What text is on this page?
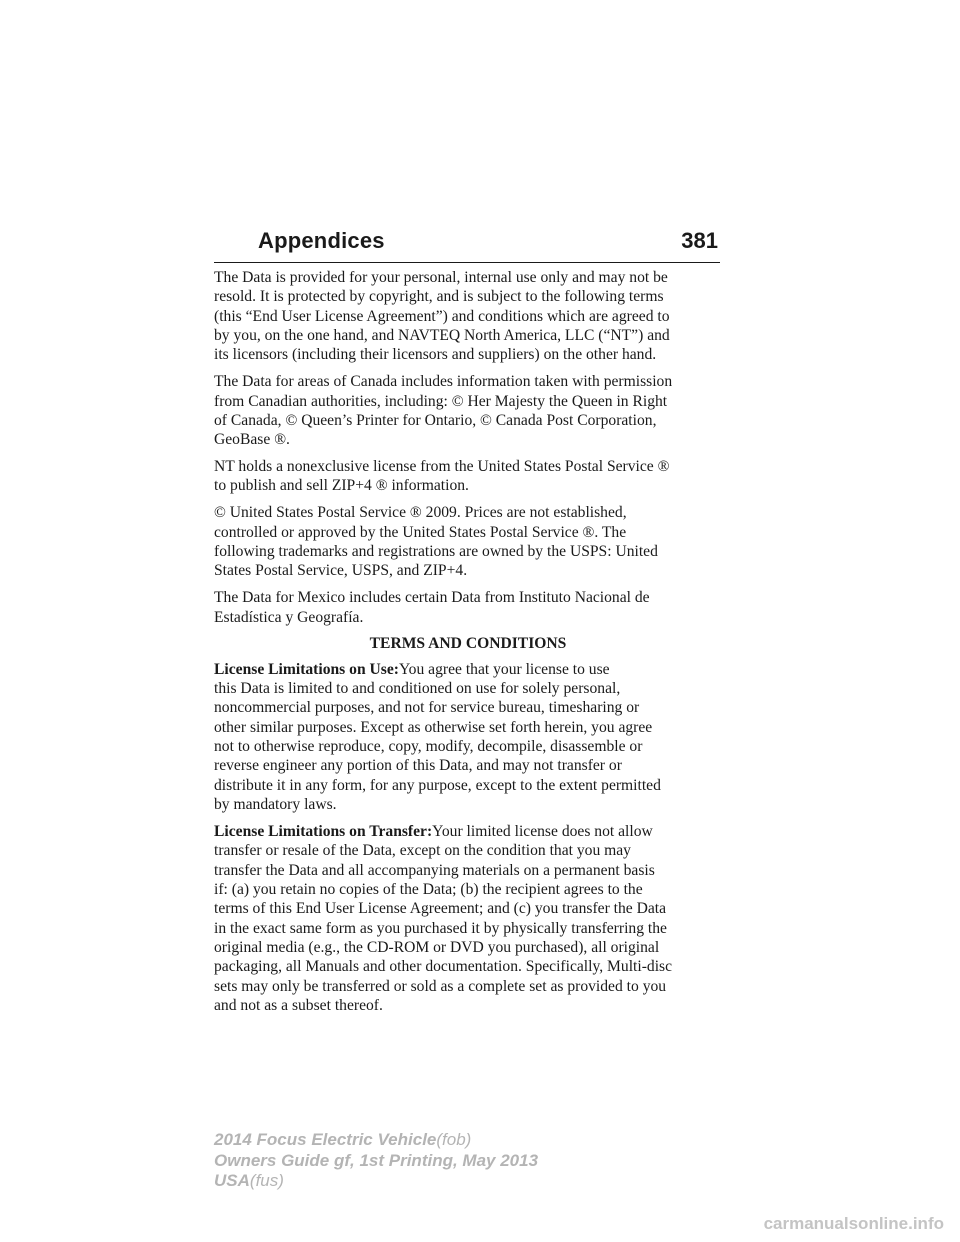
Appendices	381

The Data is provided for your personal, internal use only and may not be
resold. It is protected by copyright, and is subject to the following terms
(this “End User License Agreement”) and conditions which are agreed to
by you, on the one hand, and NAVTEQ North America, LLC (“NT”) and
its licensors (including their licensors and suppliers) on the other hand.

The Data for areas of Canada includes information taken with permission
from Canadian authorities, including: © Her Majesty the Queen in Right
of Canada, © Queen’s Printer for Ontario, © Canada Post Corporation,
GeoBase ®.

NT holds a nonexclusive license from the United States Postal Service ®
to publish and sell ZIP+4 ® information.

© United States Postal Service ® 2009. Prices are not established,
controlled or approved by the United States Postal Service ®. The
following trademarks and registrations are owned by the USPS: United
States Postal Service, USPS, and ZIP+4.

The Data for Mexico includes certain Data from Instituto Nacional de
Estadística y Geografía.

TERMS AND CONDITIONS

License Limitations on Use:You agree that your license to use
this Data is limited to and conditioned on use for solely personal,
noncommercial purposes, and not for service bureau, timesharing or
other similar purposes. Except as otherwise set forth herein, you agree
not to otherwise reproduce, copy, modify, decompile, disassemble or
reverse engineer any portion of this Data, and may not transfer or
distribute it in any form, for any purpose, except to the extent permitted
by mandatory laws.

License Limitations on Transfer:Your limited license does not allow
transfer or resale of the Data, except on the condition that you may
transfer the Data and all accompanying materials on a permanent basis
if: (a) you retain no copies of the Data; (b) the recipient agrees to the
terms of this End User License Agreement; and (c) you transfer the Data
in the exact same form as you purchased it by physically transferring the
original media (e.g., the CD-ROM or DVD you purchased), all original
packaging, all Manuals and other documentation. Specifically, Multi-disc
sets may only be transferred or sold as a complete set as provided to you
and not as a subset thereof.

2014 Focus Electric Vehicle(fob)
Owners Guide gf, 1st Printing, May 2013
USA(fus)
carmanualsonline.info
